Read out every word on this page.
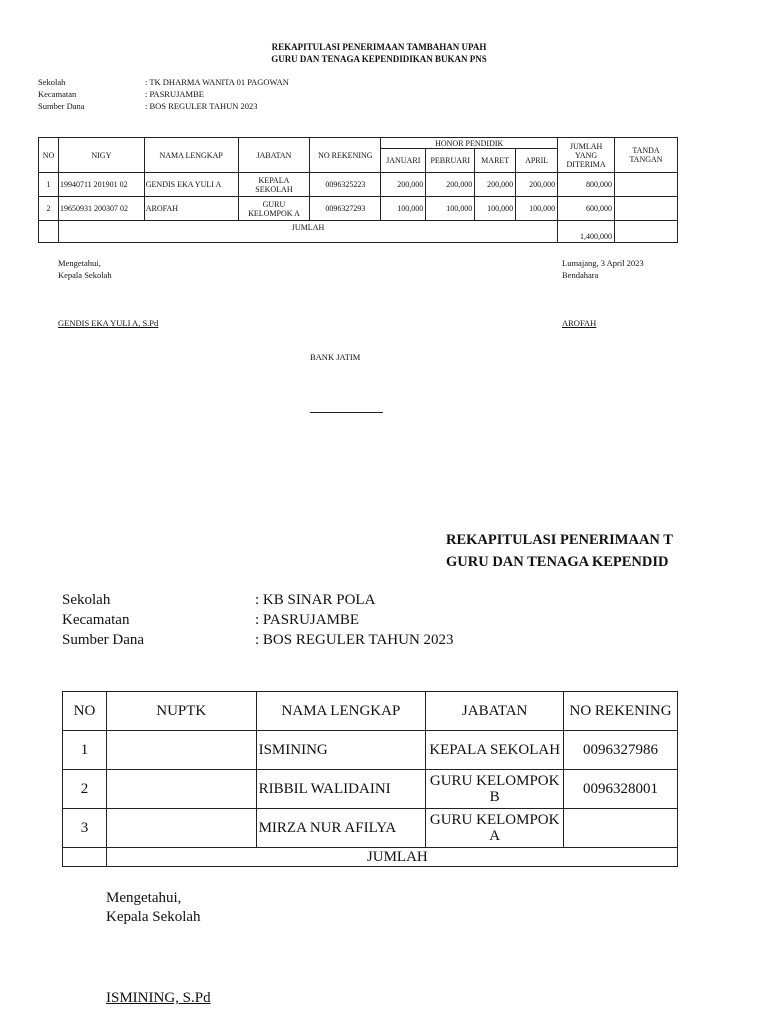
REKAPITULASI PENERIMAAN TAMBAHAN UPAH
GURU DAN TENAGA KEPENDIDIKAN BUKAN PNS
Sekolah	: TK DHARMA WANITA 01 PAGOWAN
Kecamatan	: PASRUJAMBE
Sumber Dana	: BOS REGULER TAHUN 2023
NO	NIGY	NAMA LENGKAP	JABATAN	NO REKENING	HONOR PENDIDIK				JUMLAH YANG DITERIMA	TANDA TANGAN
					JANUARI	PEBRUARI	MARET	APRIL		
1	19940711 201901 02	GENDIS EKA YULI A	KEPALA SEKOLAH	0096325223	200,000	200,000	200,000	200,000	800,000	
2	19650931 200307 02	AROFAH	GURU KELOMPOK A	0096327293	100,000	100,000	100,000	100,000	600,000	
	JUMLAH								1,400,000	
Mengetahui,
Kepala Sekolah
Lumajang, 3 April 2023
Bendahara
GENDIS EKA YULI A, S.Pd	AROFAH
BANK JATIM
REKAPITULASI PENERIMAAN T
GURU DAN TENAGA KEPENDID
Sekolah	: KB SINAR POLA
Kecamatan	: PASRUJAMBE
Sumber Dana	: BOS REGULER TAHUN 2023
NO	NUPTK	NAMA LENGKAP	JABATAN	NO REKENING
1		ISMINING	KEPALA SEKOLAH	0096327986
2		RIBBIL WALIDAINI	GURU KELOMPOK B	0096328001
3		MIRZA NUR AFILYA	GURU KELOMPOK A	
	JUMLAH			
Mengetahui,
Kepala Sekolah
ISMINING, S.Pd
